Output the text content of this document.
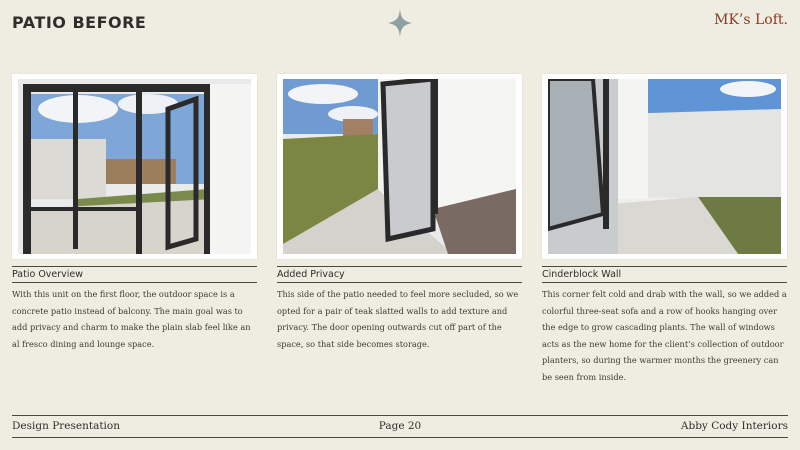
PATIO BEFORE	MK’s Loft.
Patio Overview
With this unit on the first floor, the outdoor space is a concrete patio instead of balcony. The main goal was to add privacy and charm to make the plain slab feel like an al fresco dining and lounge space.
Added Privacy
This side of the patio needed to feel more secluded, so we opted for a pair of teak slatted walls to add texture and privacy. The door opening outwards cut off part of the space, so that side becomes storage.
Cinderblock Wall
This corner felt cold and drab with the wall, so we added a colorful three-seat sofa and a row of hooks hanging over the edge to grow cascading plants. The wall of windows acts as the new home for the client’s collection of outdoor planters, so during the warmer months the greenery can be seen from inside.
Design Presentation	Page 20	Abby Cody Interiors
